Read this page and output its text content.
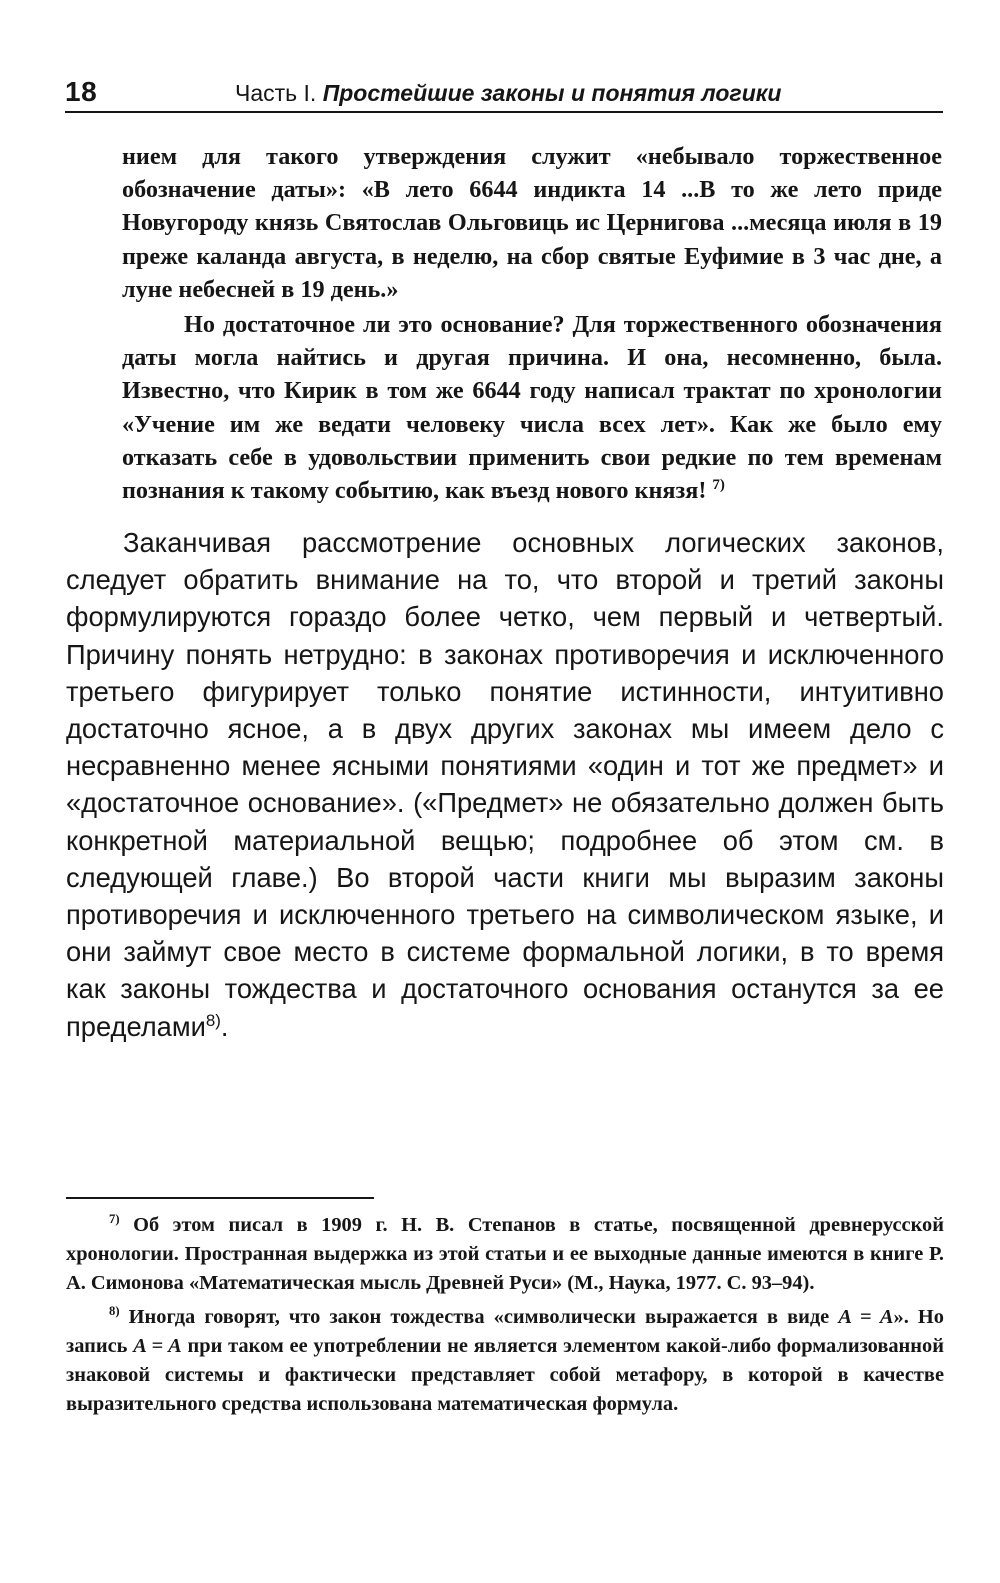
18	Часть I. Простейшие законы и понятия логики

нием для такого утверждения служит «небывало торжественное обозначение даты»: «В лето 6644 индикта 14 ...В то же лето приде Новугороду князь Святослав Ольговиць ис Цернигова ...месяца июля в 19 преже каланда августа, в неделю, на сбор святые Еуфимие в 3 час дне, а луне небесней в 19 день.»

Но достаточное ли это основание? Для торжественного обозначения даты могла найтись и другая причина. И она, несомненно, была. Известно, что Кирик в том же 6644 году написал трактат по хронологии «Учение им же ведати человеку числа всех лет». Как же было ему отказать себе в удовольствии применить свои редкие по тем временам познания к такому событию, как въезд нового князя! $^{7)}$

Заканчивая рассмотрение основных логических законов, следует обратить внимание на то, что второй и третий законы формулируются гораздо более четко, чем первый и четвертый. Причину понять нетрудно: в законах противоречия и исключенного третьего фигурирует только понятие истинности, интуитивно достаточно ясное, а в двух других законах мы имеем дело с несравненно менее ясными понятиями «один и тот же предмет» и «достаточное основание». («Предмет» не обязательно должен быть конкретной материальной вещью; подробнее об этом см. в следующей главе.) Во второй части книги мы выразим законы противоречия и исключенного третьего на символическом языке, и они займут свое место в системе формальной логики, в то время как законы тождества и достаточного основания останутся за ее пределами$^{8)}$.

$^{7)}$ Об этом писал в 1909 г. Н. В. Степанов в статье, посвященной древнерусской хронологии. Пространная выдержка из этой статьи и ее выходные данные имеются в книге Р. А. Симонова «Математическая мысль Древней Руси» (М., Наука, 1977. С. 93–94).

$^{8)}$ Иногда говорят, что закон тождества «символически выражается в виде A = A». Но запись A = A при таком ее употреблении не является элементом какой-либо формализованной знаковой системы и фактически представляет собой метафору, в которой в качестве выразительного средства использована математическая формула.
